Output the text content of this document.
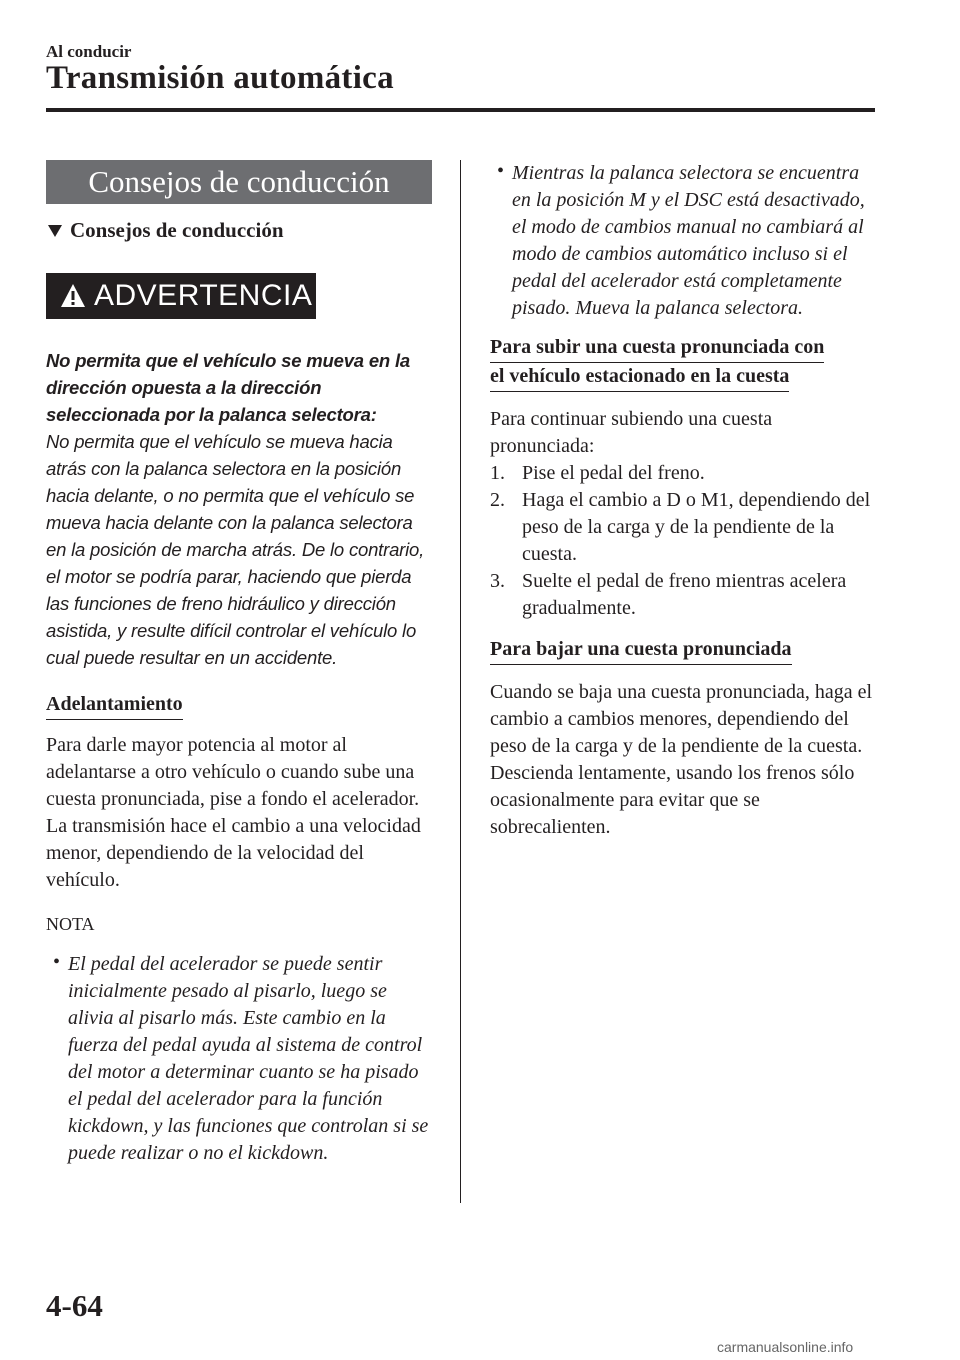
Al conducir
Transmisión automática
Consejos de conducción
Consejos de conducción
ADVERTENCIA
No permita que el vehículo se mueva en la dirección opuesta a la dirección seleccionada por la palanca selectora:
No permita que el vehículo se mueva hacia atrás con la palanca selectora en la posición hacia delante, o no permita que el vehículo se mueva hacia delante con la palanca selectora en la posición de marcha atrás. De lo contrario, el motor se podría parar, haciendo que pierda las funciones de freno hidráulico y dirección asistida, y resulte difícil controlar el vehículo lo cual puede resultar en un accidente.
Adelantamiento
Para darle mayor potencia al motor al adelantarse a otro vehículo o cuando sube una cuesta pronunciada, pise a fondo el acelerador. La transmisión hace el cambio a una velocidad menor, dependiendo de la velocidad del vehículo.
NOTA
• El pedal del acelerador se puede sentir inicialmente pesado al pisarlo, luego se alivia al pisarlo más. Este cambio en la fuerza del pedal ayuda al sistema de control del motor a determinar cuanto se ha pisado el pedal del acelerador para la función kickdown, y las funciones que controlan si se puede realizar o no el kickdown.
• Mientras la palanca selectora se encuentra en la posición M y el DSC está desactivado, el modo de cambios manual no cambiará al modo de cambios automático incluso si el pedal del acelerador está completamente pisado. Mueva la palanca selectora.
Para subir una cuesta pronunciada con
el vehículo estacionado en la cuesta
Para continuar subiendo una cuesta pronunciada:
1. Pise el pedal del freno.
2. Haga el cambio a D o M1, dependiendo del peso de la carga y de la pendiente de la cuesta.
3. Suelte el pedal de freno mientras acelera gradualmente.
Para bajar una cuesta pronunciada
Cuando se baja una cuesta pronunciada, haga el cambio a cambios menores, dependiendo del peso de la carga y de la pendiente de la cuesta. Descienda lentamente, usando los frenos sólo ocasionalmente para evitar que se sobrecalienten.
4-64
carmanualsonline.info
